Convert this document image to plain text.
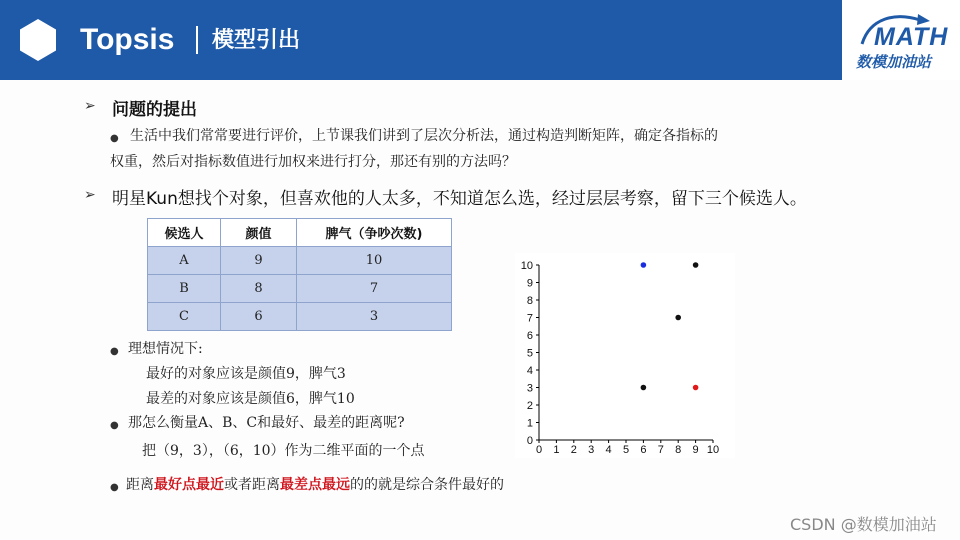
Topsis 模型引出	MATH
数模加油站
➢ 问题的提出
● 生活中我们常常要进行评价，上节课我们讲到了层次分析法，通过构造判断矩阵，确定各指标的
权重，然后对指标数值进行加权来进行打分，那还有别的方法吗？
➢ 明星Kun想找个对象，但喜欢他的人太多，不知道怎么选，经过层层考察，留下三个候选人。
候选人	颜值	脾气（争吵次数)
A	9	10
B	8	7
C	6	3
● 理想情况下:
最好的对象应该是颜值9，脾气3
最差的对象应该是颜值6，脾气10
● 那怎么衡量A、B、C和最好、最差的距离呢?
把（9，3），（6，10）作为二维平面的一个点
● 距离最好点最近或者距离最差点最远的的就是综合条件最好的
0 1 2 3 4 5 6 7 8 9 10
0
1
2
3
4
5
6
7
8
9
10
CSDN @数模加油站
